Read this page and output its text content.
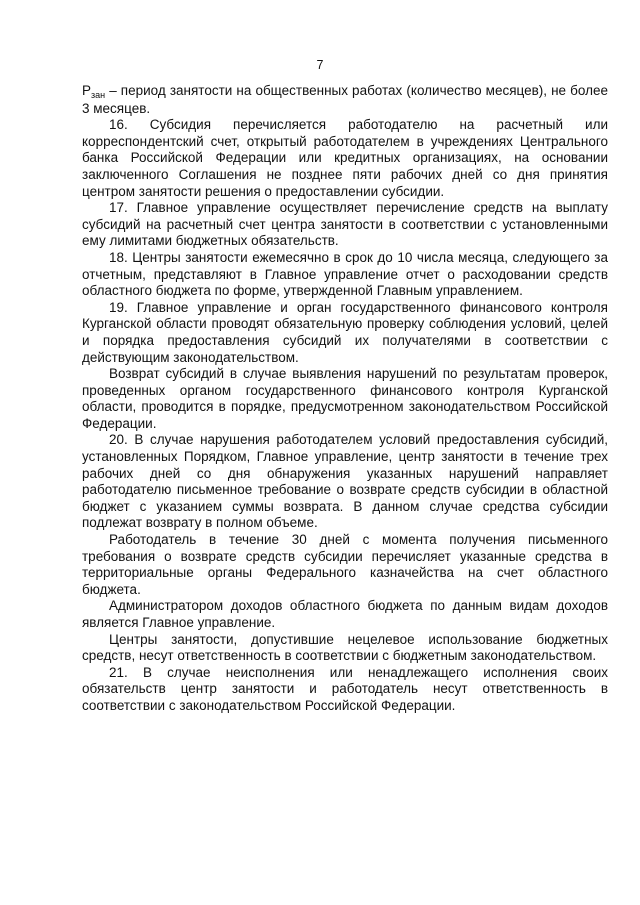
7

$P_{зан}$ – период занятости на общественных работах (количество месяцев), не более 3 месяцев.

16. Субсидия перечисляется работодателю на расчетный или корреспондентский счет, открытый работодателем в учреждениях Центрального банка Российской Федерации или кредитных организациях, на основании заключенного Соглашения не позднее пяти рабочих дней со дня принятия центром занятости решения о предоставлении субсидии.

17. Главное управление осуществляет перечисление средств на выплату субсидий на расчетный счет центра занятости в соответствии с установленными ему лимитами бюджетных обязательств.

18. Центры занятости ежемесячно в срок до 10 числа месяца, следующего за отчетным, представляют в Главное управление отчет о расходовании средств областного бюджета по форме, утвержденной Главным управлением.

19. Главное управление и орган государственного финансового контроля Курганской области проводят обязательную проверку соблюдения условий, целей и порядка предоставления субсидий их получателями в соответствии с действующим законодательством.

Возврат субсидий в случае выявления нарушений по результатам проверок, проведенных органом государственного финансового контроля Курганской области, проводится в порядке, предусмотренном законодательством Российской Федерации.

20. В случае нарушения работодателем условий предоставления субсидий, установленных Порядком, Главное управление, центр занятости в течение трех рабочих дней со дня обнаружения указанных нарушений направляет работодателю письменное требование о возврате средств субсидии в областной бюджет с указанием суммы возврата. В данном случае средства субсидии подлежат возврату в полном объеме.

Работодатель в течение 30 дней с момента получения письменного требования о возврате средств субсидии перечисляет указанные средства в территориальные органы Федерального казначейства на счет областного бюджета.

Администратором доходов областного бюджета по данным видам доходов является Главное управление.

Центры занятости, допустившие нецелевое использование бюджетных средств, несут ответственность в соответствии с бюджетным законодательством.

21. В случае неисполнения или ненадлежащего исполнения своих обязательств центр занятости и работодатель несут ответственность в соответствии с законодательством Российской Федерации.
